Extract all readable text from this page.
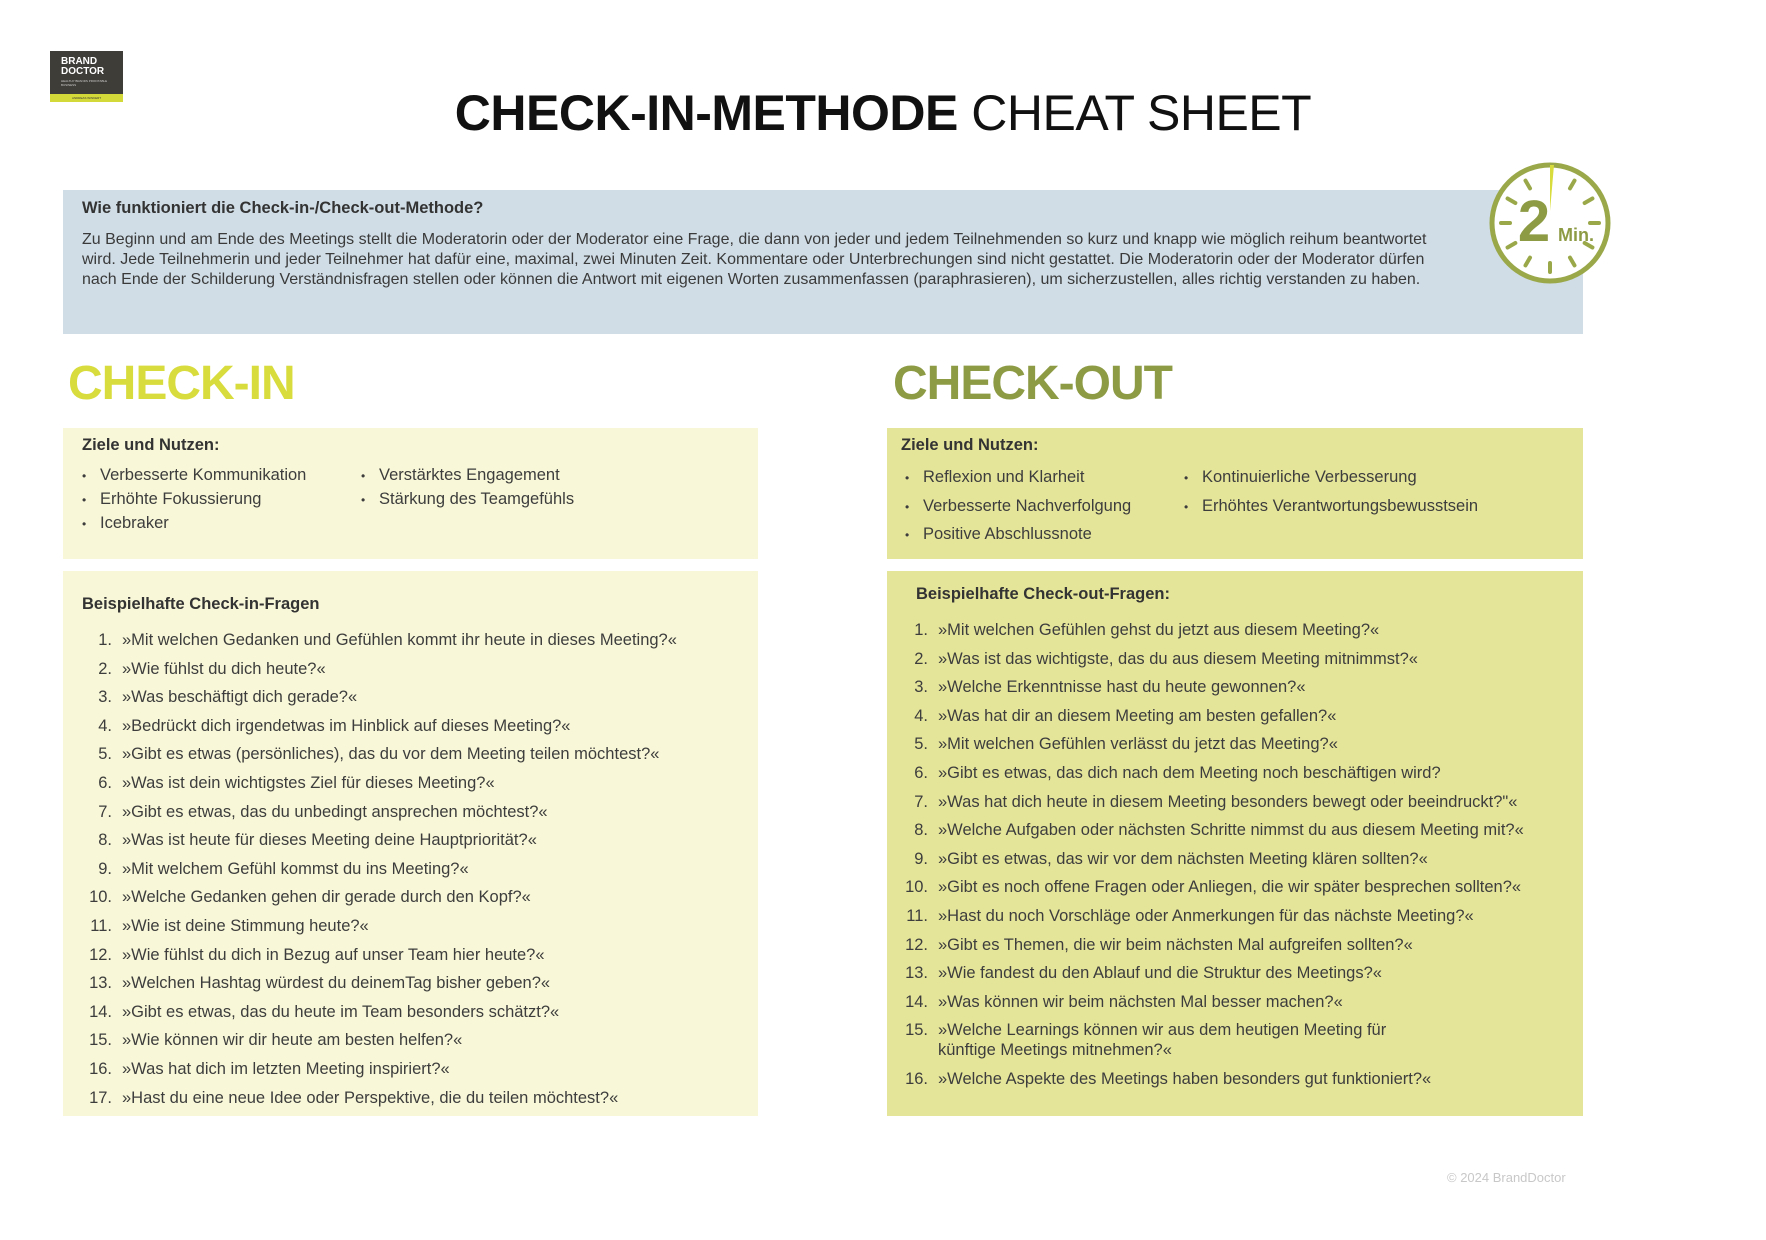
BRAND
DOCTOR
HEALTHY BRANDS PROFITABLE BUSINESS
ANDREAS WINKERT	CHECK-IN-METHODE CHEAT SHEET
Wie funktioniert die Check-in-/Check-out-Methode?

Zu Beginn und am Ende des Meetings stellt die Moderatorin oder der Moderator eine Frage, die dann von jeder und jedem Teilnehmenden so kurz und knapp wie möglich reihum beantwortet wird. Jede Teilnehmerin und jeder Teilnehmer hat dafür eine, maximal, zwei Minuten Zeit. Kommentare oder Unterbrechungen sind nicht gestattet. Die Moderatorin oder der Moderator dürfen nach Ende der Schilderung Verständnisfragen stellen oder können die Antwort mit eigenen Worten zusammenfassen (paraphrasieren), um sicherzustellen, alles richtig verstanden zu haben.

2 Min.
CHECK-IN	CHECK-OUT
Ziele und Nutzen:
• Verbesserte Kommunikation
• Erhöhte Fokussierung
• Icebraker
• Verstärktes Engagement
• Stärkung des Teamgefühls
Ziele und Nutzen:
• Reflexion und Klarheit
• Verbesserte Nachverfolgung
• Positive Abschlussnote
• Kontinuierliche Verbesserung
• Erhöhtes Verantwortungsbewusstsein
Beispielhafte Check-in-Fragen
1. »Mit welchen Gedanken und Gefühlen kommt ihr heute in dieses Meeting?«
2. »Wie fühlst du dich heute?«
3. »Was beschäftigt dich gerade?«
4. »Bedrückt dich irgendetwas im Hinblick auf dieses Meeting?«
5. »Gibt es etwas (persönliches), das du vor dem Meeting teilen möchtest?«
6. »Was ist dein wichtigstes Ziel für dieses Meeting?«
7. »Gibt es etwas, das du unbedingt ansprechen möchtest?«
8. »Was ist heute für dieses Meeting deine Hauptpriorität?«
9. »Mit welchem Gefühl kommst du ins Meeting?«
10. »Welche Gedanken gehen dir gerade durch den Kopf?«
11. »Wie ist deine Stimmung heute?«
12. »Wie fühlst du dich in Bezug auf unser Team hier heute?«
13. »Welchen Hashtag würdest du deinemTag bisher geben?«
14. »Gibt es etwas, das du heute im Team besonders schätzt?«
15. »Wie können wir dir heute am besten helfen?«
16. »Was hat dich im letzten Meeting inspiriert?«
17. »Hast du eine neue Idee oder Perspektive, die du teilen möchtest?«
Beispielhafte Check-out-Fragen:
1. »Mit welchen Gefühlen gehst du jetzt aus diesem Meeting?«
2. »Was ist das wichtigste, das du aus diesem Meeting mitnimmst?«
3. »Welche Erkenntnisse hast du heute gewonnen?«
4. »Was hat dir an diesem Meeting am besten gefallen?«
5. »Mit welchen Gefühlen verlässt du jetzt das Meeting?«
6. »Gibt es etwas, das dich nach dem Meeting noch beschäftigen wird?
7. »Was hat dich heute in diesem Meeting besonders bewegt oder beeindruckt?"«
8. »Welche Aufgaben oder nächsten Schritte nimmst du aus diesem Meeting mit?«
9. »Gibt es etwas, das wir vor dem nächsten Meeting klären sollten?«
10. »Gibt es noch offene Fragen oder Anliegen, die wir später besprechen sollten?«
11. »Hast du noch Vorschläge oder Anmerkungen für das nächste Meeting?«
12. »Gibt es Themen, die wir beim nächsten Mal aufgreifen sollten?«
13. »Wie fandest du den Ablauf und die Struktur des Meetings?«
14. »Was können wir beim nächsten Mal besser machen?«
15. »Welche Learnings können wir aus dem heutigen Meeting für künftige Meetings mitnehmen?«
16. »Welche Aspekte des Meetings haben besonders gut funktioniert?«
© 2024 BrandDoctor
